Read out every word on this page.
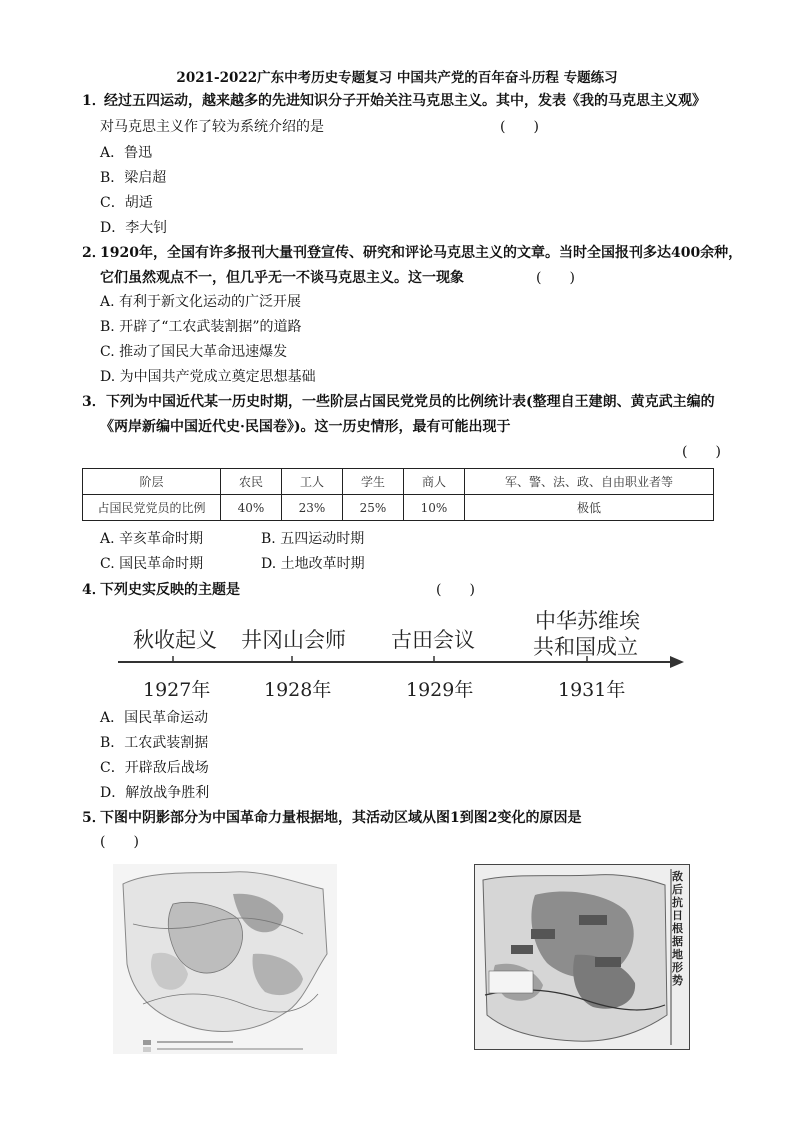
2021-2022广东中考历史专题复习 中国共产党的百年奋斗历程 专题练习
1．
经过五四运动，越来越多的先进知识分子开始关注马克思主义。其中，发表《我的马克思主义观》
对马克思主义作了较为系统介绍的是	(　　)
A．鲁迅
B．梁启超
C．胡适
D．李大钊
2．
1920年，全国有许多报刊大量刊登宣传、研究和评论马克思主义的文章。当时全国报刊多达400余种，
它们虽然观点不一，但几乎无一不谈马克思主义。这一现象	(　　)
A. 有利于新文化运动的广泛开展
B. 开辟了“工农武装割据”的道路
C. 推动了国民大革命迅速爆发
D. 为中国共产党成立奠定思想基础
3． 下列为中国近代某一历史时期，一些阶层占国民党党员的比例统计表(整理自王建朗、黄克武主编的
《两岸新编中国近代史·民国卷》)。这一历史情形，最有可能出现于
(　　)
阶层	农民	工人	学生	商人	军、警、法、政、自由职业者等
占国民党党员的比例	40%	23%	25%	10%	极低
A. 辛亥革命时期	B. 五四运动时期
C. 国民革命时期	D. 土地改革时期
4．
下列史实反映的主题是	(　　)
秋收起义 井冈山会师 古田会议
中华苏维埃
共和国成立
1927年	1928年	1929年	1931年
A．国民革命运动
B．工农武装割据
C．开辟敌后战场
D．解放战争胜利
5．
下图中阴影部分为中国革命力量根据地，其活动区域从图1到图2变化的原因是
(　　)
敌后抗日根据地形势
